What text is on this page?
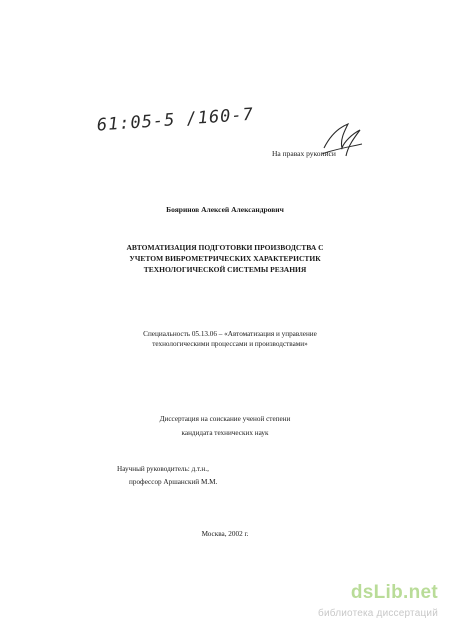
61:05-5 /160-7
На правах рукописи
Бояринов Алексей Александрович
АВТОМАТИЗАЦИЯ ПОДГОТОВКИ ПРОИЗВОДСТВА С
УЧЕТОМ ВИБРОМЕТРИЧЕСКИХ ХАРАКТЕРИСТИК
ТЕХНОЛОГИЧЕСКОЙ СИСТЕМЫ РЕЗАНИЯ
Специальность 05.13.06 – «Автоматизация и управление
технологическими процессами и производствами»
Диссертация на соискание ученой степени
кандидата технических наук
Научный руководитель: д.т.н.,
профессор Аршанский М.М.
Москва, 2002 г.
dsLib.net
библиотека диссертаций
